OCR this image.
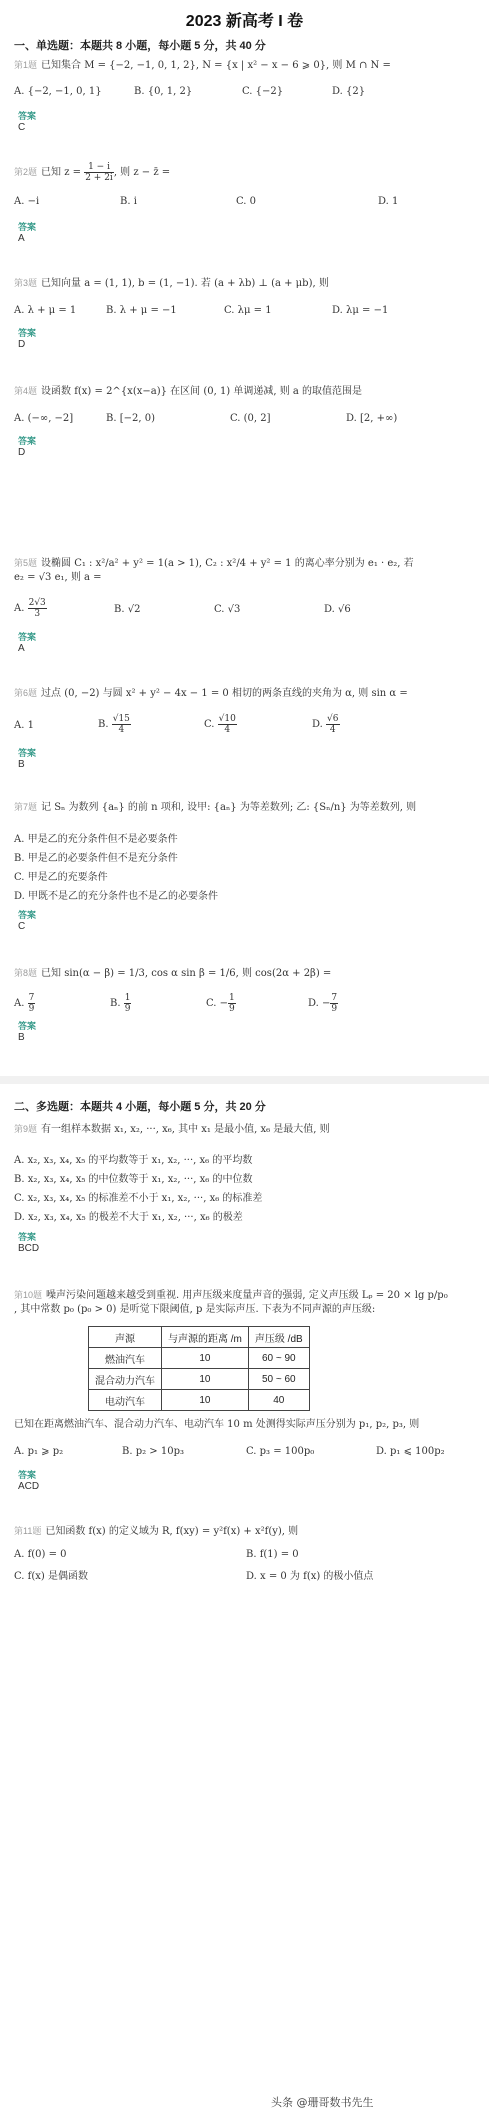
2023 新高考 I 卷
一、单选题：本题共 8 小题，每小题 5 分，共 40 分
第1题 已知集合 M = {−2, −1, 0, 1, 2}, N = {x | x² − x − 6 ⩾ 0}, 则 M ∩ N =
A. {−2, −1, 0, 1}	B. {0, 1, 2}	C. {−2}	D. {2}
答案
C
第2题 已知 $z = \frac{1 - i}{2 + 2i}$ , 则 z − z̄ =
A. −i	B. i	C. 0	D. 1
答案
A
第3题 已知向量 a = (1, 1), b = (1, −1). 若 (a + λb) ⊥ (a + μb), 则
A. λ + μ = 1	B. λ + μ = −1	C. λμ = 1	D. λμ = −1
答案
D
第4题 设函数 f(x) = 2^{x(x−a)} 在区间 (0, 1) 单调递减, 则 a 的取值范围是
A. (−∞, −2]	B. [−2, 0)	C. (0, 2]	D. [2, +∞)
答案
D
第5题 设椭圆 C₁ : x²/a² + y² = 1(a > 1), C₂ : x²/4 + y² = 1 的离心率分别为 e₁ · e₂, 若
e₂ = √3 e₁, 则 a =
A. $\frac{2√3}{3}$	B. √2	C. √3	D. √6
答案
A
第6题 过点 (0, −2) 与圆 x² + y² − 4x − 1 = 0 相切的两条直线的夹角为 α, 则 sin α =
A. 1	B. $\frac{√15}{4}$	C. $\frac{√10}{4}$	D. $\frac{√6}{4}$
答案
B
第7题 记 Sₙ 为数列 {aₙ} 的前 n 项和, 设甲: {aₙ} 为等差数列; 乙: {Sₙ/n} 为等差数列, 则
A. 甲是乙的充分条件但不是必要条件
B. 甲是乙的必要条件但不是充分条件
C. 甲是乙的充要条件
D. 甲既不是乙的充分条件也不是乙的必要条件
答案
C
第8题 已知 sin(α − β) = 1/3, cos α sin β = 1/6, 则 cos(2α + 2β) =
A. $\frac{7}{9}$	B. $\frac{1}{9}$	C. − $\frac{1}{9}$	D. − $\frac{7}{9}$
答案
B
二、多选题：本题共 4 小题，每小题 5 分，共 20 分
第9题 有一组样本数据 x₁, x₂, ···, x₆, 其中 x₁ 是最小值, x₆ 是最大值, 则
A. x₂, x₃, x₄, x₅ 的平均数等于 x₁, x₂, ···, x₆ 的平均数
B. x₂, x₃, x₄, x₅ 的中位数等于 x₁, x₂, ···, x₆ 的中位数
C. x₂, x₃, x₄, x₅ 的标准差不小于 x₁, x₂, ···, x₆ 的标准差
D. x₂, x₃, x₄, x₅ 的极差不大于 x₁, x₂, ···, x₆ 的极差
答案
BCD
第10题 噪声污染问题越来越受到重视. 用声压级来度量声音的强弱, 定义声压级 Lₚ = 20 × lg p/p₀
, 其中常数 p₀ (p₀ > 0) 是听觉下限阈值, p 是实际声压. 下表为不同声源的声压级:
声源	与声源的距离 /m	声压级 /dB
燃油汽车	10	60 ~ 90
混合动力汽车	10	50 ~ 60
电动汽车	10	40
已知在距离燃油汽车、混合动力汽车、电动汽车 10 m 处测得实际声压分别为 p₁, p₂, p₃, 则
A. p₁ ⩾ p₂	B. p₂ > 10p₃	C. p₃ = 100p₀	D. p₁ ⩽ 100p₂
答案
ACD
第11题 已知函数 f(x) 的定义域为 R, f(xy) = y²f(x) + x²f(y), 则
A. f(0) = 0	B. f(1) = 0
C. f(x) 是偶函数	D. x = 0 为 f(x) 的极小值点
头条 @珊哥数书先生
